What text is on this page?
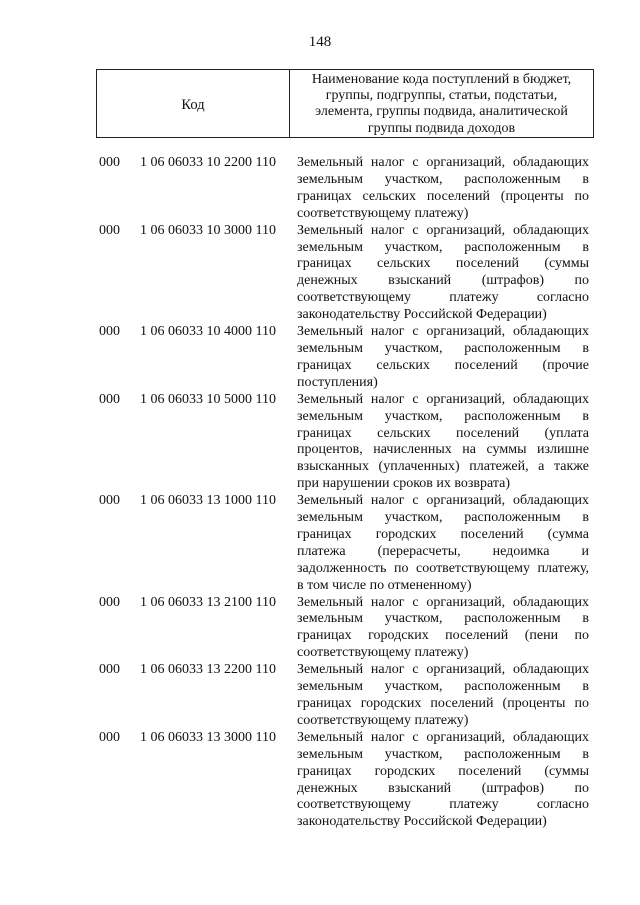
148
Код
Наименование кода поступлений в бюджет,
группы, подгруппы, статьи, подстатьи,
элемента, группы подвида, аналитической
группы подвида доходов
000 1 06 06033 10 2200 110 Земельный налог с организаций, обладающих
земельным участком, расположенным в
границах сельских поселений (проценты по
соответствующему платежу)
000 1 06 06033 10 3000 110 Земельный налог с организаций, обладающих
земельным участком, расположенным в
границах сельских поселений (суммы
денежных взысканий (штрафов) по
соответствующему платежу согласно
законодательству Российской Федерации)
000 1 06 06033 10 4000 110 Земельный налог с организаций, обладающих
земельным участком, расположенным в
границах сельских поселений (прочие
поступления)
000 1 06 06033 10 5000 110 Земельный налог с организаций, обладающих
земельным участком, расположенным в
границах сельских поселений (уплата
процентов, начисленных на суммы излишне
взысканных (уплаченных) платежей, а также
при нарушении сроков их возврата)
000 1 06 06033 13 1000 110 Земельный налог с организаций, обладающих
земельным участком, расположенным в
границах городских поселений (сумма
платежа (перерасчеты, недоимка и
задолженность по соответствующему платежу,
в том числе по отмененному)
000 1 06 06033 13 2100 110 Земельный налог с организаций, обладающих
земельным участком, расположенным в
границах городских поселений (пени по
соответствующему платежу)
000 1 06 06033 13 2200 110 Земельный налог с организаций, обладающих
земельным участком, расположенным в
границах городских поселений (проценты по
соответствующему платежу)
000 1 06 06033 13 3000 110 Земельный налог с организаций, обладающих
земельным участком, расположенным в
границах городских поселений (суммы
денежных взысканий (штрафов) по
соответствующему платежу согласно
законодательству Российской Федерации)
